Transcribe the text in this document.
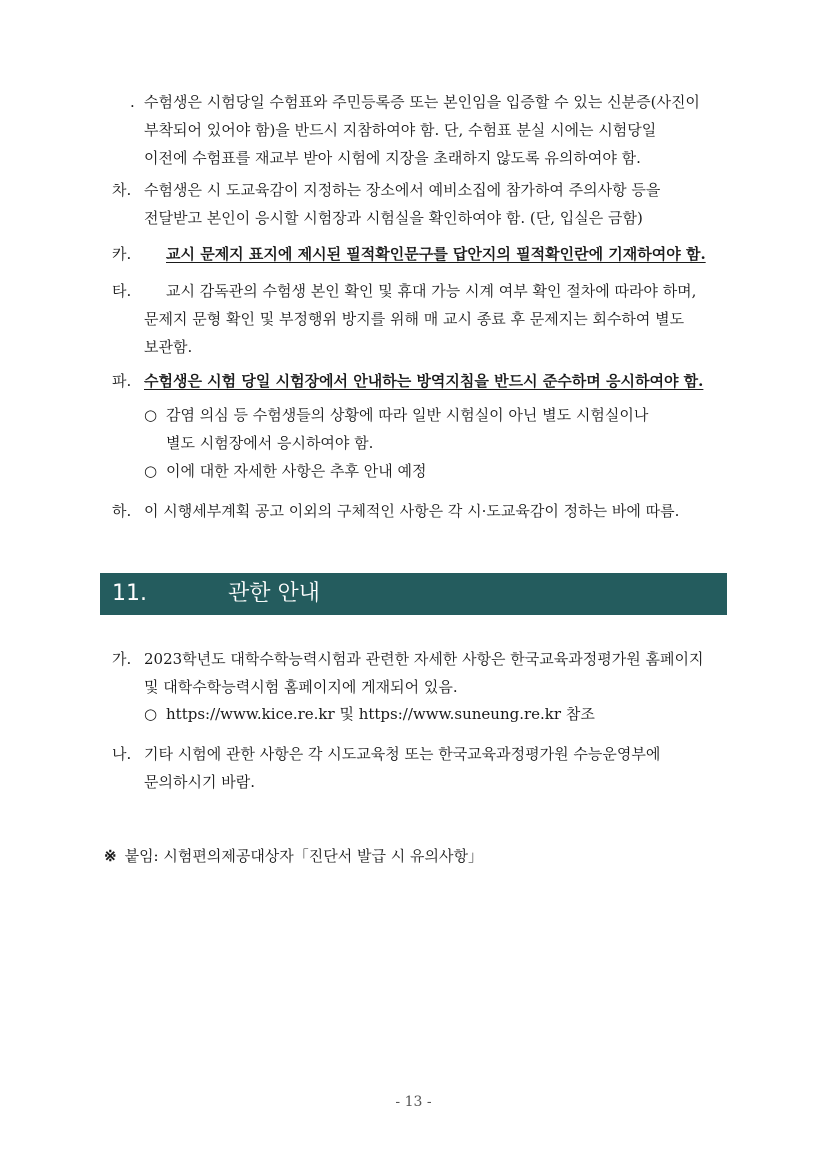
. 수험생은 시험당일 수험표와 주민등록증 또는 본인임을 입증할 수 있는 신분증(사진이
부착되어 있어야 함)을 반드시 지참하여야 함. 단, 수험표 분실 시에는 시험당일
이전에 수험표를 재교부 받아 시험에 지장을 초래하지 않도록 유의하여야 함.
차. 수험생은 시 도교육감이 지정하는 장소에서 예비소집에 참가하여 주의사항 등을
전달받고 본인이 응시할 시험장과 시험실을 확인하여야 함. (단, 입실은 금함)
카.	교시 문제지 표지에 제시된 필적확인문구를 답안지의 필적확인란에 기재하여야 함.
타.	교시 감독관의 수험생 본인 확인 및 휴대 가능 시계 여부 확인 절차에 따라야 하며,
문제지 문형 확인 및 부정행위 방지를 위해 매 교시 종료 후 문제지는 회수하여 별도
보관함.
파. 수험생은 시험 당일 시험장에서 안내하는 방역지침을 반드시 준수하며 응시하여야 함.
○ 감염 의심 등 수험생들의 상황에 따라 일반 시험실이 아닌 별도 시험실이나
별도 시험장에서 응시하여야 함.
○ 이에 대한 자세한 사항은 추후 안내 예정
하. 이 시행세부계획 공고 이외의 구체적인 사항은 각 시·도교육감이 정하는 바에 따름.
11.	관한 안내
가. 2023학년도 대학수학능력시험과 관련한 자세한 사항은 한국교육과정평가원 홈페이지
및 대학수학능력시험 홈페이지에 게재되어 있음.
○ https://www.kice.re.kr 및 https://www.suneung.re.kr 참조
나. 기타 시험에 관한 사항은 각 시도교육청 또는 한국교육과정평가원 수능운영부에
문의하시기 바람.
※ 붙임: 시험편의제공대상자「진단서 발급 시 유의사항」
- 13 -
